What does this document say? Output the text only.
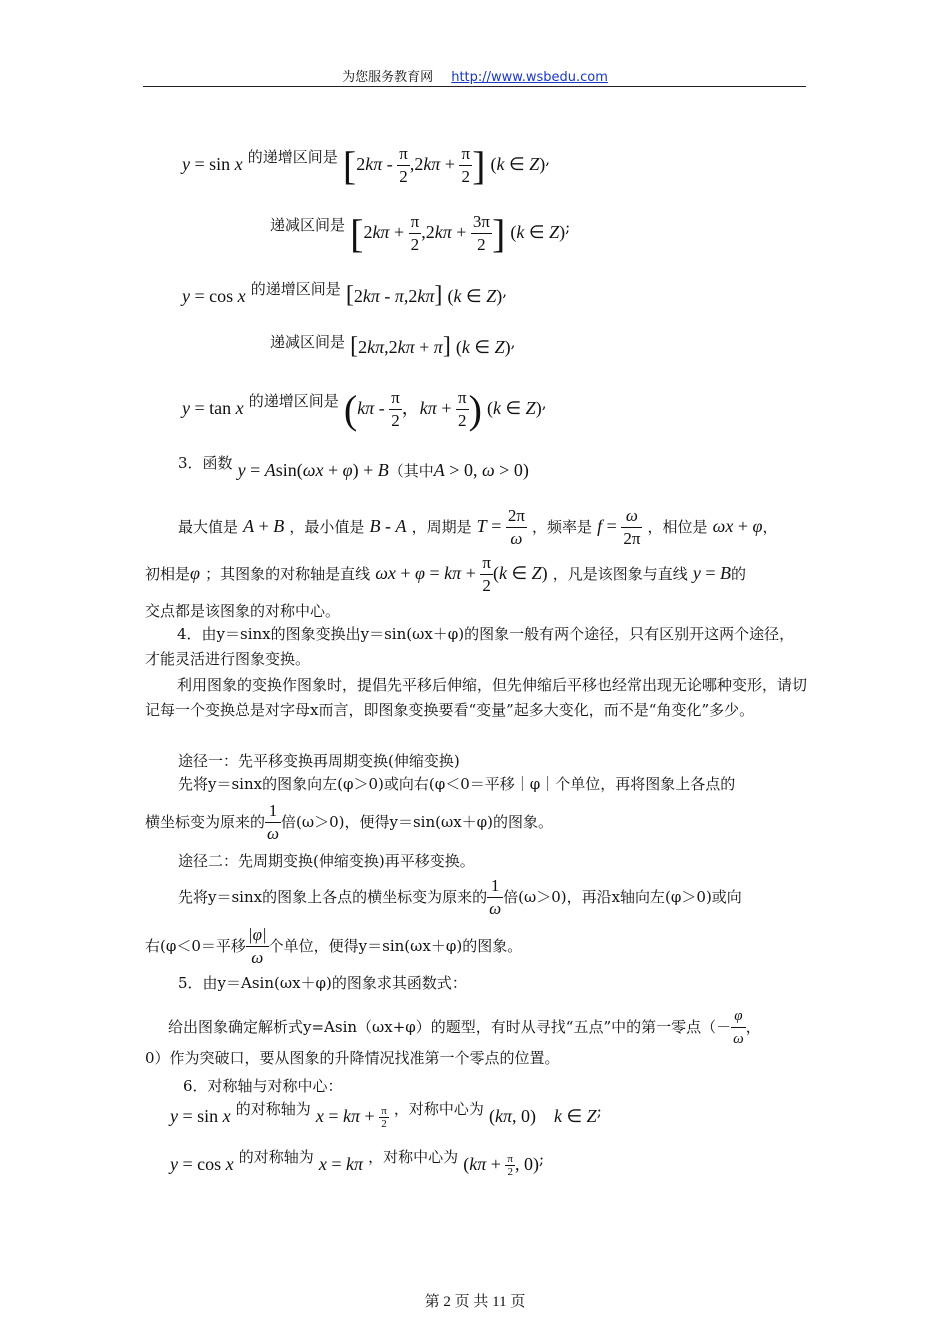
为您服务教育网 http://www.wsbedu.com
y = sin x 的递增区间是 [$2k\pi - \frac{\pi}{2} ,2k\pi + \frac{\pi}{2}$ ] (k ∈ Z),
递减区间是 [$2k\pi + \frac{\pi}{2} ,2k\pi + \frac{3\pi}{2}$ ] (k ∈ Z);
y = cos x 的递增区间是 [2kπ - π,2kπ] (k ∈ Z),
递减区间是 [2kπ,2kπ + π] (k ∈ Z),
y = tan x 的递增区间是 ($k\pi - \frac{\pi}{2}$ ，$k\pi + \frac{\pi}{2}$ ) (k ∈ Z),
3．函数 y = Asin(ωx + φ) + B（其中A > 0, ω > 0)
最大值是 A + B ，最小值是 B - A ，周期是 $T = \frac{2\pi}{\omega}$ ，频率是 $f = \frac{\omega}{2\pi}$ ，相位是 ωx + φ，
初相是φ ；其图象的对称轴是直线 $\omega x + \varphi = k\pi + \frac{\pi}{2} (k$ ∈ Z) ，凡是该图象与直线 y = B的
交点都是该图象的对称中心。
4．由y＝sinx的图象变换出y＝sin(ωx＋φ)的图象一般有两个途径，只有区别开这两个途径，才能灵活进行图象变换。
利用图象的变换作图象时，提倡先平移后伸缩，但先伸缩后平移也经常出现无论哪种变形，请切记每一个变换总是对字母x而言，即图象变换要看“变量”起多大变化，而不是“角变化”多少。
途径一：先平移变换再周期变换(伸缩变换)
先将y＝sinx的图象向左(φ＞0)或向右(φ＜0＝平移｜φ｜个单位，再将图象上各点的
横坐标变为原来的 $\frac{1}{\omega}$ 倍(ω＞0)，便得y＝sin(ωx＋φ)的图象。
途径二：先周期变换(伸缩变换)再平移变换。
先将y＝sinx的图象上各点的横坐标变为原来的 $\frac{1}{\omega}$ 倍(ω＞0)，再沿x轴向左(φ＞0)或向
右(φ＜0＝平移 $\frac{|\varphi|}{\omega}$ 个单位，便得y＝sin(ωx＋φ)的图象。
5．由y＝Asin(ωx＋φ)的图象求其函数式：
给出图象确定解析式y=Asin（ωx+φ）的题型，有时从寻找“五点”中的第一零点（－ $\frac{\varphi}{\omega}$ ，
0）作为突破口，要从图象的升降情况找准第一个零点的位置。
6．对称轴与对称中心：
y = sin x 的对称轴为 $x = k\pi + \frac{\pi}{2}$ ，对称中心为 (kπ, 0)    k ∈ Z;
y = cos x 的对称轴为 x = kπ ，对称中心为 ($k\pi + \frac{\pi}{2}$ , 0);
第 2 页 共 11 页
